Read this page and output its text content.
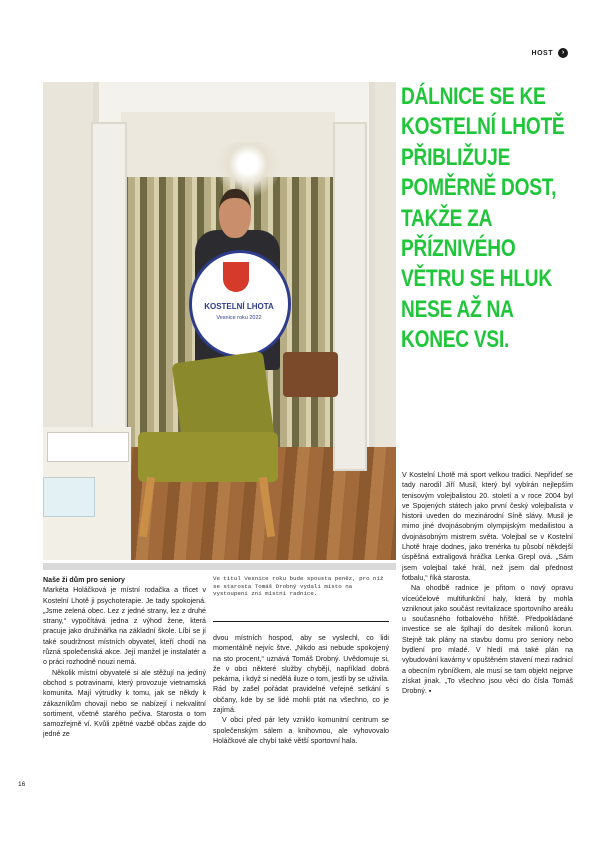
HOST	›
KOSTELNÍ LHOTA
Vesnice roku 2022
DÁLNICE SE KE KOSTELNÍ LHOTĚ PŘIBLIŽUJE POMĚRNĚ DOST, TAKŽE ZA PŘÍZNIVÉHO VĚTRU SE HLUK NESE AŽ NA KONEC VSI.

Naše ži dům pro seniory

Markéta Holáčková je místní rodačka a třicet v Kostelní Lhotě ji psychoterapie. Je tady spokojená. „Jsme zelená obec. Lez z jedné strany, lez z druhé strany,“ vypočítává jedna z výhod žene, která pracuje jako družinářka na základní škole. Líbí se jí také soudržnost místních obyvatel, kteří chodí na různá společenská akce. Její manžel je instalatér a o práci rozhodně nouzi nemá.

Několik místní obyvatelé si ale stěžují na jediný obchod s potravinami, který provozuje vietnamská komunita. Mají výtrudky k tomu, jak se někdy k zákazníkům chovají nebo se nabízejí i nekvalitní sortiment, včetně starého pečiva. Starosta o tom samozřejmě ví. Kvůli zpětné vazbě občas zajde do jedné ze

Ve titul Vesnice roku bude spousta peněz, pro niž se starosta Tomáš Drobný vydali místo na vystoupení zní místní radnice.

dvou místních hospod, aby se vyslechl, co lidi momentálně nejvíc štve. „Nikdo asi nebude spokojený na sto procent,“ uznává Tomáš Drobný. Uvědomuje si, že v obci některé služby chybějí, například dobrá pekárna, i když si nedělá iluze o tom, jestli by se uživila. Rád by zašel pořádat pravidelné veřejné setkání s občany, kde by se lidé mohli ptát na všechno, co je zajímá.

V obci před pár lety vzniklo komunitní centrum se společenským sálem a knihovnou, ale vyhovovalo Holáčkové ale chybí také větší sportovní hala.

V Kostelní Lhotě má sport velkou tradici. Nepřídeť se tady narodil Jiří Musil, který byl vybírán nejlepším tenisovým volejbalistou 20. století a v roce 2004 byl ve Spojených státech jako první český volejbalista v historii uveden do mezinárodní Síně slávy. Musil je mimo jiné dvojnásobným olympijským medailistou a dvojnásobným mistrem světa. Volejbal se v Kostelní Lhotě hraje dodnes, jako trenérka tu působí někdejší úspěšná extraligová hráčka Lenka Grepl ová. „Sám jsem volejbal také hrál, než jsem dal přednost fotbalu,“ říká starosta.

Na ohodbě radnice je přitom o nový opravu víceúčelové multifunkční haly, která by mohla vzniknout jako součást revitalizace sportovního areálu u současného fotbalového hřiště. Předpokládané investice se ale šplhají do desítek milionů korun. Stejně tak plány na stavbu domu pro seniory nebo bydlení pro mladé. V hledí má také plán na vybudování kavárny v opuštěném stavení mezi radnicí a obecním rybníčkem, ale musí se tam objekt nejprve získat jinak. „To všechno jsou věci do čísla Tomáš Drobný. ▪

16
